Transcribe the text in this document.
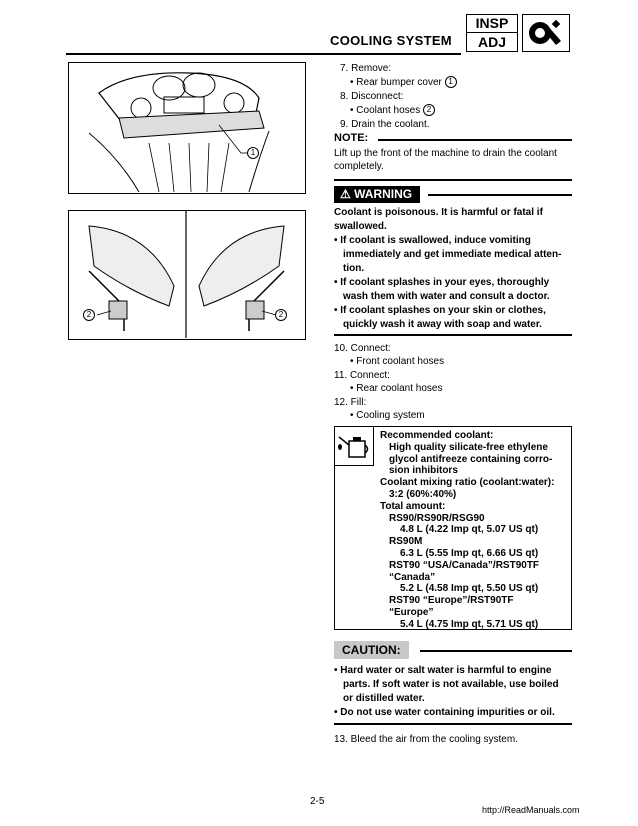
COOLING SYSTEM
INSP
ADJ
1
2	2
7. Remove:
• Rear bumper cover 1
8. Disconnect:
• Coolant hoses 2
9. Drain the coolant.
NOTE:
Lift up the front of the machine to drain the coolant
completely.
⚠ WARNING
Coolant is poisonous. It is harmful or fatal if
swallowed.
• If coolant is swallowed, induce vomiting
immediately and get immediate medical atten-
tion.
• If coolant splashes in your eyes, thoroughly
wash them with water and consult a doctor.
• If coolant splashes on your skin or clothes,
quickly wash it away with soap and water.
10. Connect:
• Front coolant hoses
11. Connect:
• Rear coolant hoses
12. Fill:
• Cooling system
CAUTION:
• Hard water or salt water is harmful to engine
parts. If soft water is not available, use boiled
or distilled water.
• Do not use water containing impurities or oil.
13. Bleed the air from the cooling system.
2-5
http://ReadManuals.com
Recommended coolant:
High quality silicate-free ethylene
glycol antifreeze containing corro-
sion inhibitors
Coolant mixing ratio (coolant:water):
3:2 (60%:40%)
Total amount:
RS90/RS90R/RSG90
4.8 L (4.22 Imp qt, 5.07 US qt)
RS90M
6.3 L (5.55 Imp qt, 6.66 US qt)
RST90 “USA/Canada”/RST90TF
“Canada”
5.2 L (4.58 Imp qt, 5.50 US qt)
RST90 “Europe”/RST90TF
“Europe”
5.4 L (4.75 Imp qt, 5.71 US qt)
